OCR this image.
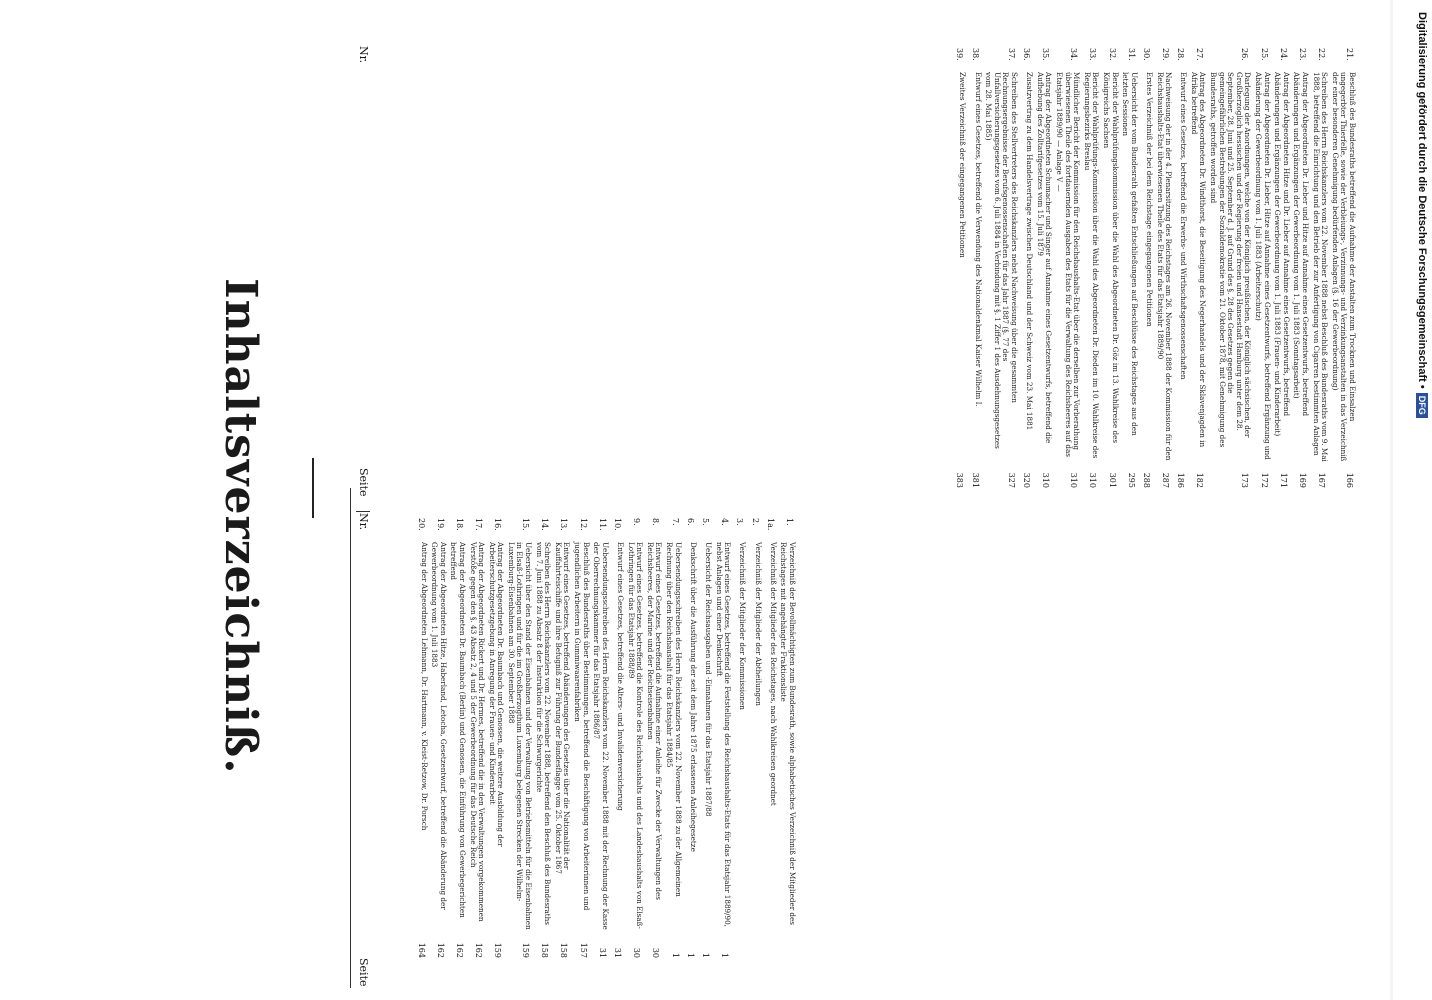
Inhaltsverzeichniß.	Nr.
Seite
1.
Verzeichniß der Bevollmächtigten zum Bundesrath, sowie alphabetisches Verzeichniß der Mitglieder des Reichstages mit angehängter Fraktionsliste
1a.
Verzeichniß der Mitglieder des Reichstages, nach Wahlkreisen geordnet
2.
Verzeichniß der Mitglieder der Abtheilungen
3.
Verzeichniß der Mitglieder der Kommissionen
4.
Entwurf eines Gesetzes, betreffend die Feststellung des Reichshaushalts-Etats für das Etatsjahr 1889/90, nebst Anlagen und einer Denkschrift
1
5.
Uebersicht der Reichsausgaben und -Einnahmen für das Etatsjahr 1887/88
1
6.
Denkschrift über die Ausführung der seit dem Jahre 1875 erlassenen Anleihegesetze
1
7.
Uebersendungsschreiben des Herrn Reichskanzlers vom 22. November 1888 zu der Allgemeinen Rechnung über den Reichshaushalt für das Etatsjahr 1884/85
1
8.
Entwurf eines Gesetzes, betreffend die Aufnahme einer Anleihe für Zwecke der Verwaltungen des Reichsheeres, der Marine und der Reichseisenbahnen
30
9.
Entwurf eines Gesetzes, betreffend die Kontrole des Reichshaushalts und des Landeshaushalts von Elsaß-Lothringen für das Etatsjahr 1888/89
30
10.
Entwurf eines Gesetzes, betreffend die Alters- und Invalidenversicherung
31
11.
Uebersendungsschreiben des Herrn Reichskanzlers vom 22. November 1888 mit der Rechnung der Kasse der Oberrechnungskammer für das Etatsjahr 1886/87
31
12.
Beschluß des Bundesraths über Bestimmungen, betreffend die Beschäftigung von Arbeiterinnen und jugendlichen Arbeitern in Gummiwaarenfabriken
157
13.
Entwurf eines Gesetzes, betreffend Abänderungen des Gesetzes über die Nationalität der Kauffahrteischiffe und ihre Befugniß zur Führung der Bundesflagge vom 25. Oktober 1867
158
14.
Schreiben des Herrn Reichskanzlers vom 22. November 1888, betreffend den Beschluß des Bundesraths vom 7. Juni 1888 zu Absatz 8 der Instruktion für die Schwurgerichte
158
15.
Uebersicht über den Stand der Eisenbahnen und der Verwaltung von Betriebsmitteln für die Eisenbahnen in Elsaß-Lothringen und für die im Großherzogthum Luxemburg belegenen Strecken der Wilhelm-Luxemburg-Eisenbahnen am 30. September 1888
159
16.
Antrag der Abgeordneten Dr. Baumbach und Genossen, die weitere Ausbildung der Arbeiterschutzgesetzgebung in Anregung der Frauen- und Kinderarbeit
159
17.
Antrag der Abgeordneten Rickert und Dr. Hermes, betreffend die in den Verwaltungen vorgekommenen Verstöße gegen den §. 43 Absatz 2, 4 und 5 der Gewerbeordnung für das Deutsche Reich
162
18.
Antrag der Abgeordneten Dr. Baumbach (Berlin) und Genossen, die Einführung von Gewerbegerichten betreffend
162
19.
Antrag der Abgeordneten Hitze, Haberland, Letocha, Gesetzentwurf, betreffend die Abänderung der Gewerbeordnung vom 1. Juli 1883
162
20.
Antrag der Abgeordneten Lehmann, Dr. Hartmann, v. Kleist-Retzow, Dr. Porsch
164
Nr.
Seite
21.
Beschluß des Bundesraths betreffend die Aufnahme der Anstalten zum Trocknen und Einsalzen ungegerbter Thierfelle, sowie der Verbleiungs-, Verzinnungs- und Verzinkungsanstalten in das Verzeichniß der einer besonderen Genehmigung bedürfenden Anlagen (§. 16 der Gewerbeordnung)
166
22.
Schreiben des Herrn Reichskanzlers vom 22. November 1888 nebst Beschluß des Bundesraths vom 9. Mai 1888, betreffend die Einrichtung und den Betrieb der zur Anfertigung von Cigarren bestimmten Anlagen
167
23.
Antrag der Abgeordneten Dr. Lieber und Hitze auf Annahme eines Gesetzentwurfs, betreffend Abänderungen und Ergänzungen der Gewerbeordnung vom 1. Juli 1883 (Sonntagsarbeit)
169
24.
Antrag der Abgeordneten Hitze und Dr. Lieber auf Annahme eines Gesetzentwurfs, betreffend Abänderungen und Ergänzungen der Gewerbeordnung vom 1. Juli 1883 (Frauen- und Kinderarbeit)
171
25.
Antrag der Abgeordneten Dr. Lieber, Hitze auf Annahme eines Gesetzentwurfs, betreffend Ergänzung und Abänderung der Gewerbeordnung vom 1. Juli 1883 (Arbeiterschutz)
172
26.
Darlegung der Anordnungen, welche von der Königlich preußischen, der Königlich sächsischen, der Großherzoglich hessischen und der Regierung der freien und Hansestadt Hamburg unter dem 28. September, 28. Juni und 25. September d. J. auf Grund des §. 28 des Gesetzes gegen die gemeingefährlichen Bestrebungen der Sozialdemokratie vom 21. Oktober 1878, mit Genehmigung des Bundesraths, getroffen worden sind
173
27.
Antrag des Abgeordneten Dr. Windthorst, die Beseitigung des Negerhandels und der Sklavenjagden in Afrika betreffend
182
28.
Entwurf eines Gesetzes, betreffend die Erwerbs- und Wirthschaftsgenossenschaften
186
29.
Nachweisung der in der 4. Plenarsitzung des Reichstages am 26. November 1888 der Kommission für den Reichshaushalts-Etat überwiesenen Theile des Etats für das Etatsjahr 1889/90
287
30.
Erstes Verzeichniß der bei dem Reichstage eingegangenen Petitionen
288
31.
Uebersicht der vom Bundesrath gefaßten Entschließungen auf Beschlüsse des Reichstages aus den letzten Sessionen
295
32.
Bericht der Wahlprüfungskommission über die Wahl des Abgeordneten Dr. Göz im 13. Wahlkreise des Königreichs Sachsen
301
33.
Bericht der Wahlprüfungs-Kommission über die Wahl des Abgeordneten Dr. Dieden im 10. Wahlkreise des Regierungsbezirks Breslau
310
34.
Mündlicher Bericht der Kommission für den Reichshaushalts-Etat über die derselben zur Vorberathung überwiesenen Theile des fortdauernden Ausgaben des Etats für die Verwaltung des Reichsheeres auf das Etatsjahr 1889/90 — Anlage V —
310
35.
Antrag der Abgeordneten Schumacher und Singer auf Annahme eines Gesetzentwurfs, betreffend die Aufhebung des Zolltarifgesetzes vom 15. Juli 1879
310
36.
Zusatzvertrag zu dem Handelsvertrage zwischen Deutschland und der Schweiz vom 23. Mai 1881
320
37.
Schreiben des Stellvertreters des Reichskanzlers nebst Nachweisung über die gesammten Rechnungsergebnisse der Berufsgenossenschaften für das Jahr 1887 (§. 77 des Unfallversicherungsgesetzes vom 6. Juli 1884 in Verbindung mit §. 1 Ziffer 1 des Ausdehnungsgesetzes vom 28. Mai 1885)
327
38.
Entwurf eines Gesetzes, betreffend die Verwendung des Nationaldenkmal Kaiser Wilhelm I.
381
39.
Zweites Verzeichniß der eingegangenen Petitionen
383
Digitalisierung gefördert durch die Deutsche Forschungsgemeinschaft •DFG
